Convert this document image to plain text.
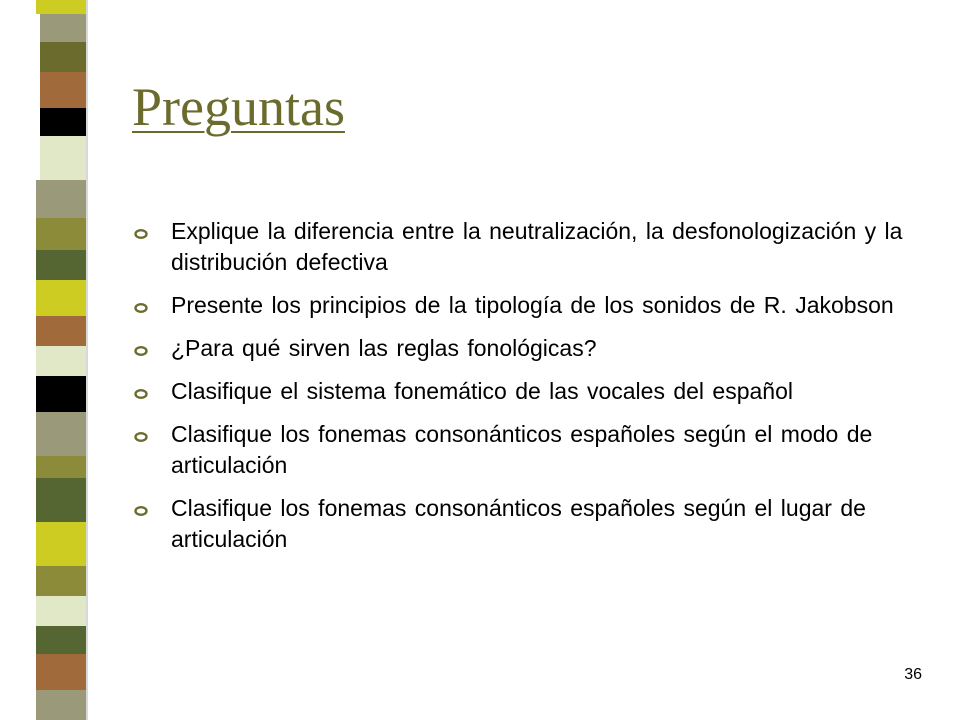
Preguntas
Explique la diferencia entre la neutralización, la desfonologización y la distribución defectiva
Presente los principios de la tipología de los sonidos de R. Jakobson
¿Para qué sirven las reglas fonológicas?
Clasifique el sistema fonemático de las vocales del español
Clasifique los fonemas consonánticos españoles según el modo de articulación
Clasifique los fonemas consonánticos españoles según el lugar de articulación
36
